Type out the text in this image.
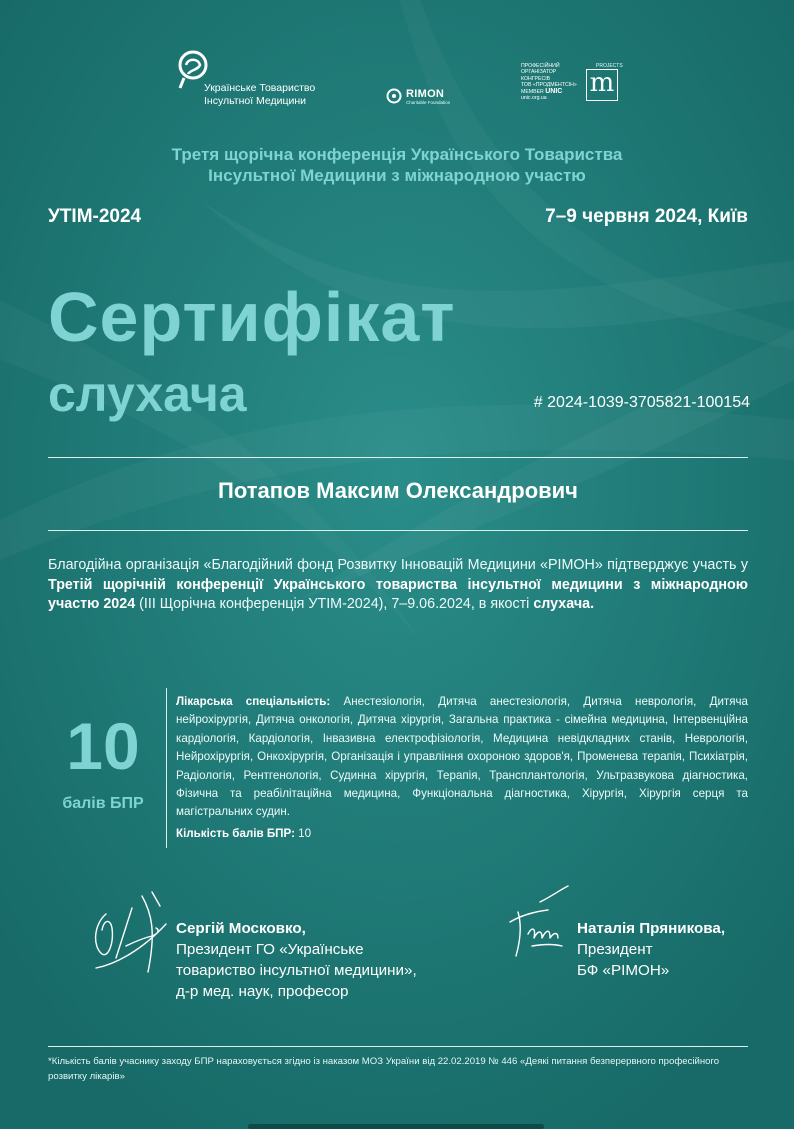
Українське Товариство
Інсультної Медицини
RIMON
Charitable Foundation
ПРОФЕСІЙНИЙ
ОРГАНІЗАТОР
КОНГРЕСІВ
ТОВ «ПРОДМЕНТСІН»
MEMBER UNIC
unic.org.ua
PROJECTS
m
Третя щорічна конференція Українського Товариства
Інсультної Медицини з міжнародною участю
УТІМ-2024	7–9 червня 2024, Київ
Сертифікат
слухача	# 2024-1039-3705821-100154
Потапов Максим Олександрович
Благодійна організація «Благодійний фонд Розвитку Інновацій Медицини «РІМОН» підтверджує участь у Третій щорічній конференції Українського товариства інсультної медицини з міжнародною участю 2024 (ІІІ Щорічна конференція УТІМ-2024), 7–9.06.2024, в якості слухача.
10
балів БПР
Лікарська спеціальність: Анестезіологія, Дитяча анестезіологія, Дитяча неврологія, Дитяча нейрохірургія, Дитяча онкологія, Дитяча хірургія, Загальна практика - сімейна медицина, Інтервенційна кардіологія, Кардіологія, Інвазивна електрофізіологія, Медицина невідкладних станів, Неврологія, Нейрохірургія, Онкохірургія, Організація і управління охороною здоров'я, Променева терапія, Психіатрія, Радіологія, Рентгенологія, Судинна хірургія, Терапія, Трансплантологія, Ультразвукова діагностика, Фізична та реабілітаційна медицина, Функціональна діагностика, Хірургія, Хірургія серця та магістральних судин.
Кількість балів БПР: 10
Сергій Московко,
Президент ГО «Українське
товариство інсультної медицини»,
д-р мед. наук, професор
Наталія Пряникова,
Президент
БФ «РІМОН»
*Кількість балів учаснику заходу БПР нараховується згідно із наказом МОЗ України від 22.02.2019 № 446 «Деякі питання безперервного професійного розвитку лікарів»
